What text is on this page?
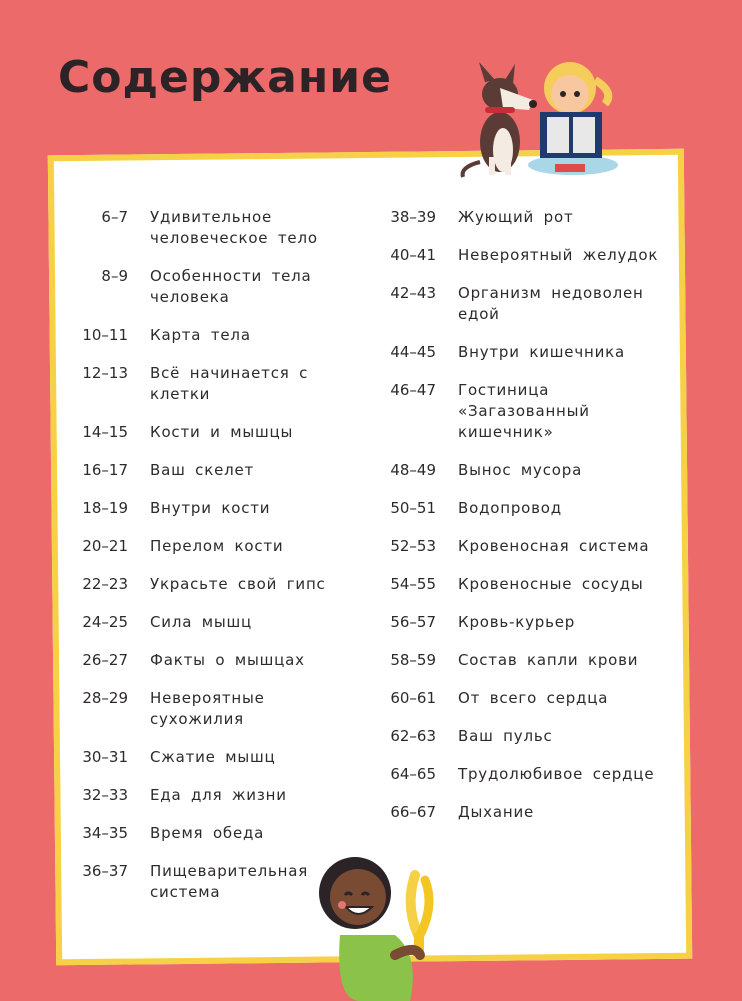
Содержание
6–7 Удивительное человеческое тело
8–9 Особенности тела человека
10–11 Карта тела
12–13 Всё начинается с клетки
14–15 Кости и мышцы
16–17 Ваш скелет
18–19 Внутри кости
20–21 Перелом кости
22–23 Украсьте свой гипс
24–25 Сила мышц
26–27 Факты о мышцах
28–29 Невероятные сухожилия
30–31 Сжатие мышц
32–33 Еда для жизни
34–35 Время обеда
36–37 Пищеварительная система
38–39 Жующий рот
40–41 Невероятный желудок
42–43 Организм недоволен едой
44–45 Внутри кишечника
46–47 Гостиница «Загазованный кишечник»
48–49 Вынос мусора
50–51 Водопровод
52–53 Кровеносная система
54–55 Кровеносные сосуды
56–57 Кровь-курьер
58–59 Состав капли крови
60–61 От всего сердца
62–63 Ваш пульс
64–65 Трудолюбивое сердце
66–67 Дыхание
